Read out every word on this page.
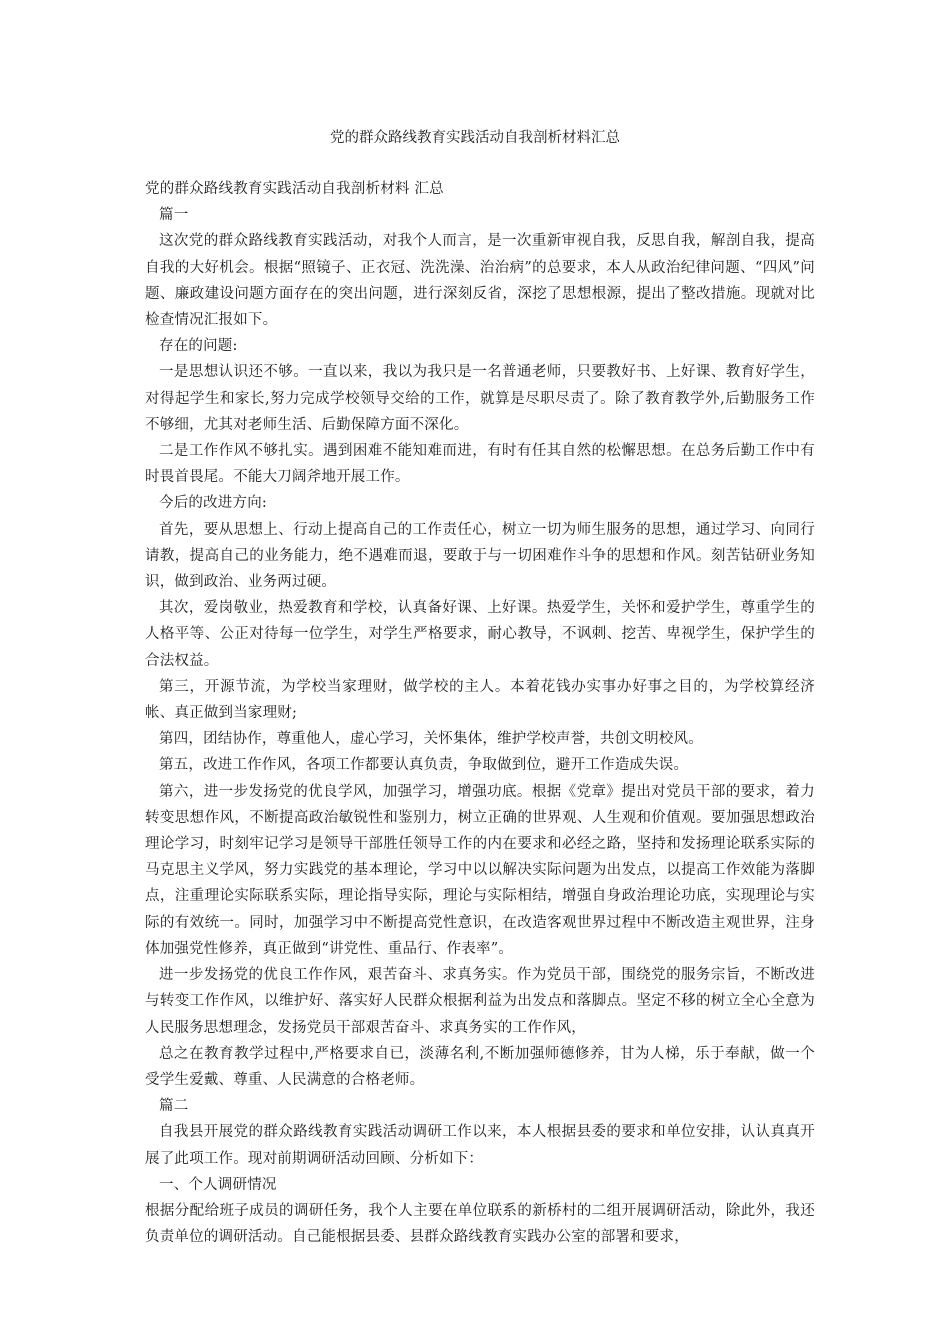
党的群众路线教育实践活动自我剖析材料汇总

党的群众路线教育实践活动自我剖析材料 汇总

篇一

这次党的群众路线教育实践活动，对我个人而言，是一次重新审视自我，反思自我，解剖自我，提高自我的大好机会。根据“照镜子、正衣冠、洗洗澡、治治病”的总要求，本人从政治纪律问题、“四风”问题、廉政建设问题方面存在的突出问题，进行深刻反省，深挖了思想根源，提出了整改措施。现就对比检查情况汇报如下。

存在的问题:

一是思想认识还不够。一直以来，我以为我只是一名普通老师，只要教好书、上好课、教育好学生，对得起学生和家长,努力完成学校领导交给的工作，就算是尽职尽责了。除了教育教学外,后勤服务工作不够细，尤其对老师生活、后勤保障方面不深化。

二是工作作风不够扎实。遇到困难不能知难而进，有时有任其自然的松懈思想。在总务后勤工作中有时畏首畏尾。不能大刀阔斧地开展工作。

今后的改进方向:

首先，要从思想上、行动上提高自己的工作责任心，树立一切为师生服务的思想，通过学习、向同行请教，提高自己的业务能力，绝不遇难而退，要敢于与一切困难作斗争的思想和作风。刻苦钻研业务知识，做到政治、业务两过硬。

其次，爱岗敬业，热爱教育和学校，认真备好课、上好课。热爱学生，关怀和爱护学生，尊重学生的人格平等、公正对待每一位学生，对学生严格要求，耐心教导，不讽刺、挖苦、卑视学生，保护学生的合法权益。

第三，开源节流，为学校当家理财，做学校的主人。本着花钱办实事办好事之目的，为学校算经济帐、真正做到当家理财;

第四，团结协作，尊重他人，虚心学习，关怀集体，维护学校声誉，共创文明校风。

第五，改进工作作风，各项工作都要认真负责，争取做到位，避开工作造成失误。

第六，进一步发扬党的优良学风，加强学习，增强功底。根据《党章》提出对党员干部的要求，着力转变思想作风，不断提高政治敏锐性和鉴别力，树立正确的世界观、人生观和价值观。要加强思想政治理论学习，时刻牢记学习是领导干部胜任领导工作的内在要求和必经之路，坚持和发扬理论联系实际的马克思主义学风，努力实践党的基本理论，学习中以以解决实际问题为出发点，以提高工作效能为落脚点，注重理论实际联系实际，理论指导实际，理论与实际相结，增强自身政治理论功底，实现理论与实际的有效统一。同时，加强学习中不断提高党性意识，在改造客观世界过程中不断改造主观世界，注身体加强党性修养，真正做到“讲党性、重品行、作表率”。

进一步发扬党的优良工作作风，艰苦奋斗、求真务实。作为党员干部，围绕党的服务宗旨，不断改进与转变工作作风，以维护好、落实好人民群众根据利益为出发点和落脚点。坚定不移的树立全心全意为人民服务思想理念，发扬党员干部艰苦奋斗、求真务实的工作作风，

总之在教育教学过程中,严格要求自已，淡薄名利,不断加强师德修养，甘为人梯，乐于奉献，做一个受学生爱戴、尊重、人民满意的合格老师。

篇二

自我县开展党的群众路线教育实践活动调研工作以来，本人根据县委的要求和单位安排，认认真真开展了此项工作。现对前期调研活动回顾、分析如下：

一、个人调研情况

根据分配给班子成员的调研任务，我个人主要在单位联系的新桥村的二组开展调研活动，除此外，我还负责单位的调研活动。自己能根据县委、县群众路线教育实践办公室的部署和要求，
